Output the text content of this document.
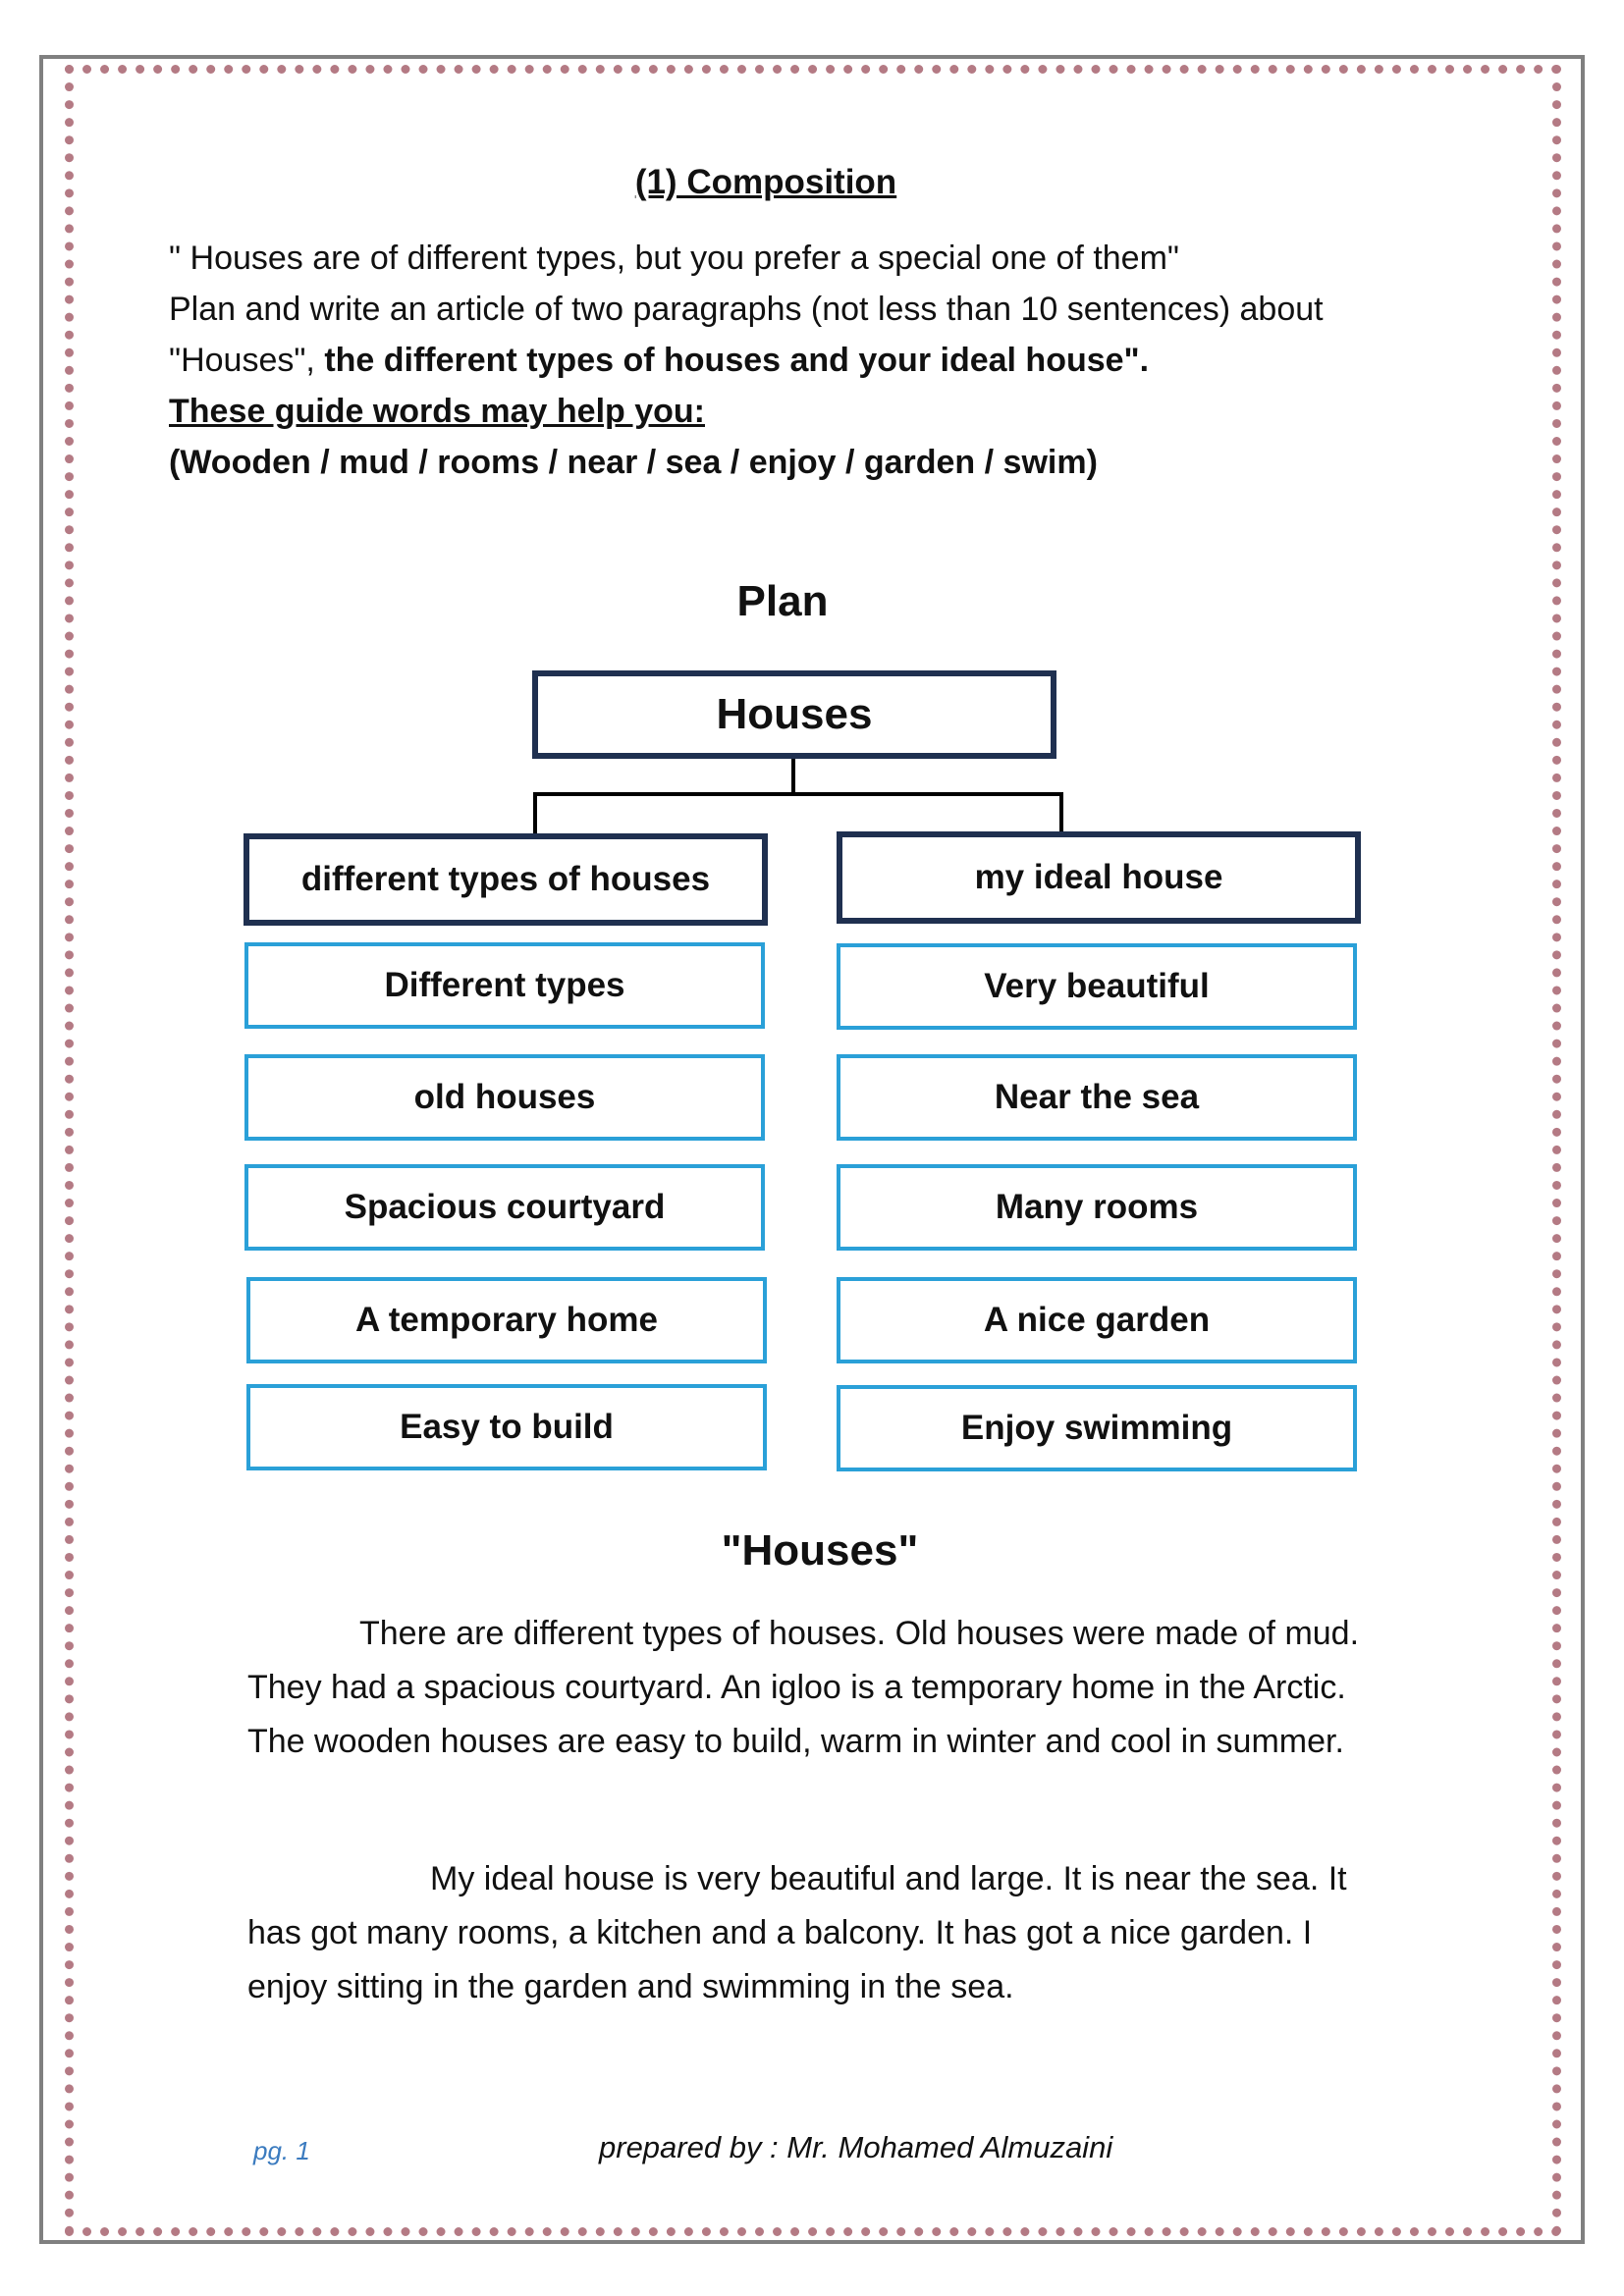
(1) Composition
" Houses are of different types, but you prefer a special one of them"
Plan and write an article of two paragraphs (not less than 10 sentences) about
"Houses", the different types of houses and your ideal house".
These guide words may help you:
(Wooden / mud / rooms / near / sea / enjoy / garden / swim)
Plan
Houses
different types of houses	my ideal house
Different types
old houses
Spacious courtyard
A temporary home
Easy to build
Very beautiful
Near the sea
Many rooms
A nice garden
Enjoy swimming
"Houses"
There are different types of houses. Old houses were made of mud. They had a spacious courtyard. An igloo is a temporary home in the Arctic. The wooden houses are easy to build, warm in winter and cool in summer.
My ideal house is very beautiful and large. It is near the sea. It has got many rooms, a kitchen and a balcony. It has got a nice garden. I enjoy sitting in the garden and swimming in the sea.
pg. 1	prepared by : Mr. Mohamed Almuzaini
